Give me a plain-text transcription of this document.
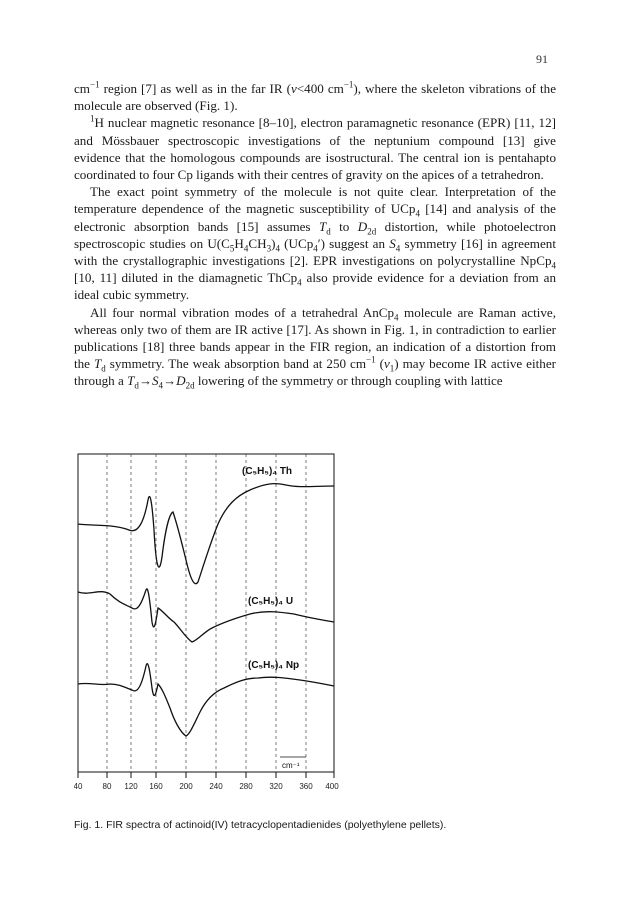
91

$cm^{-1}$ region [7] as well as in the far IR (ν<400 $cm^{-1}$), where the skeleton vibrations of the molecule are observed (Fig. 1).

$^1$H nuclear magnetic resonance [8–10], electron paramagnetic resonance (EPR) [11, 12] and Mössbauer spectroscopic investigations of the neptunium compound [13] give evidence that the homologous compounds are isostructural. The central ion is pentahapto coordinated to four Cp ligands with their centres of gravity on the apices of a tetrahedron.

The exact point symmetry of the molecule is not quite clear. Interpretation of the temperature dependence of the magnetic susceptibility of UCp$_4$ [14] and analysis of the electronic absorption bands [15] assumes $T_d$ to $D_{2d}$ distortion, while photoelectron spectroscopic studies on $U(C_5H_4CH_3)_4$ (UCp$_4$′) suggest an $S_4$ symmetry [16] in agreement with the crystallographic investigations [2]. EPR investigations on polycrystalline NpCp$_4$ [10, 11] diluted in the diamagnetic ThCp$_4$ also provide evidence for a deviation from an ideal cubic symmetry.

All four normal vibration modes of a tetrahedral AnCp$_4$ molecule are Raman active, whereas only two of them are IR active [17]. As shown in Fig. 1, in contradiction to earlier publications [18] three bands appear in the FIR region, an indication of a distortion from the $T_d$ symmetry. The weak absorption band at 250 $cm^{-1}$ $(\nu_1)$ may become IR active either through a $T_d\to S_4\to D_{2d}$ lowering of the symmetry or through coupling with lattice

(C₅H₅)₄ Th
(C₅H₅)₄ U
(C₅H₅)₄ Np
cm⁻¹
40	80 120 160 200 240 280 320 360 400
Fig. 1. FIR spectra of actinoid(IV) tetracyclopentadienides (polyethylene pellets).
